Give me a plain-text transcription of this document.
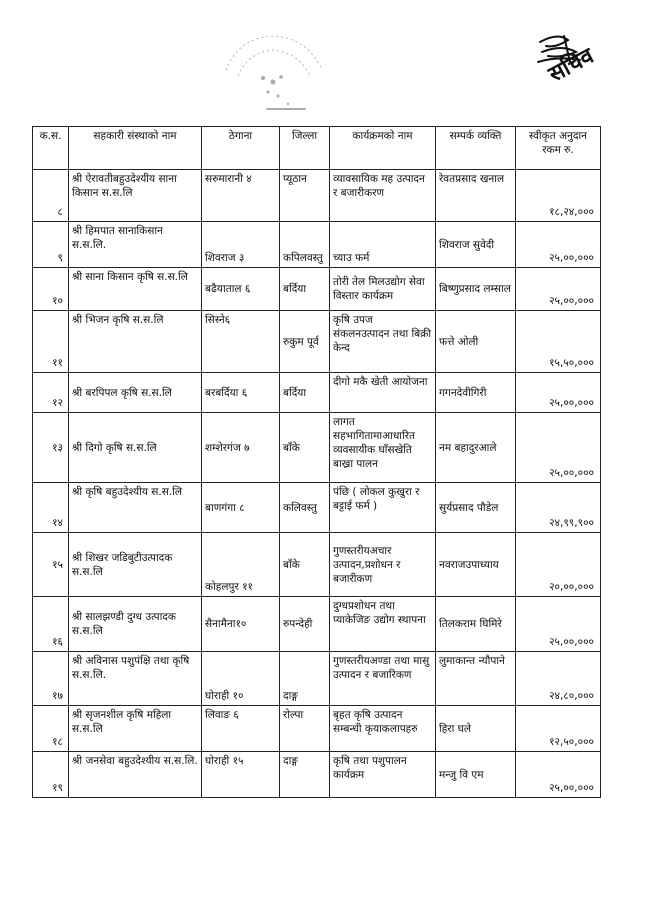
सचिव
क.स.	सहकारी संस्थाको नाम	ठेगाना	जिल्ला	कार्यक्रमको नाम	सम्पर्क व्यक्ति	स्वीकृत अनुदान रकम रु.
८	श्री ऐरावतीबहुउदेश्यीय साना किसान स.स.लि	सरुमारानी ४	प्यूठान	व्यावसायिक मह उत्पादन र बजारीकरण	रेवतप्रसाद खनाल	१८,२४,०००
९	श्री हिमपात सानाकिसान स.स.लि.	शिवराज ३	कपिलवस्तु	च्याउ फर्म	शिवराज सुवेदी	२५,००,०००
१०	श्री साना किसान कृषि स.स.लि	बढैयाताल ६	बर्दिया	तोरी तेल मिलउद्योग सेवा विस्तार कार्यक्रम	बिष्णुप्रसाद लम्साल	२५,००,०००
११	श्री भिजन कृषि स.स.लि	सिस्ने६	रुकुम पूर्व	कृषि उपज संकलनउत्पादन तथा बिक्री केन्द	फत्ते ओली	१५,५०,०००
१२	श्री बरपिपल कृषि स.स.लि	बरबर्दिया ६	बर्दिया	दीगो मकै खेती आयोजना	गगनदेवीगिरी	२५,००,०००
१३	श्री दिगो कृषि स.स.लि	शम्शेरगंज ७	बाँके	लागत सहभागितामाआधारित व्यवसायीक घाँसखेति बाख्रा पालन	नम बहादुरआले	२५,००,०००
१४	श्री कृषि बहुउदेश्यीय स.स.लि	बाणगंगा ८	कलिवस्तु	पंछि ( लोकल कुखुरा र बट्टाई फर्म )	सुर्यप्रसाद पौडेल	२४,९९,९००
१५	श्री शिखर जडिबुटीउत्पादक स.स.लि	कोहलपुर ११	बाँके	गुणस्तरीयअचार उत्पादन,प्रशोधन र बजारीकण	नवराजउपाध्याय	२०,००,०००
१६	श्री सालझण्डी दुग्ध उत्पादक स.स.लि	सैनामैना१०	रुपन्देही	दुग्धप्रशोधन तथा प्याकेजिङ उद्योग स्थापना	तिलकराम घिमिरे	२५,००,०००
१७	श्री अविनास पशुपंक्षि तथा कृषि स.स.लि.	घोराही १०	दाङ्ग	गुणस्तरीयअण्डा तथा मासु उत्पादन र बजारिकण	लुमाकान्त न्यौपाने	२४,८०,०००
१८	श्री सृजनशील कृषि महिला स.स.लि	लिवाङ ६	रोल्पा	बृहत कृषि उत्पादन सम्बन्धी कृयाकलापहरु	हिरा घले	१२,५०,०००
१९	श्री जनसेवा बहुउदेश्यीय स.स.लि.	घोराही १५	दाङ्ग	कृषि तथा पशुपालन कार्यक्रम	मन्जु वि एम	२५,००,०००
